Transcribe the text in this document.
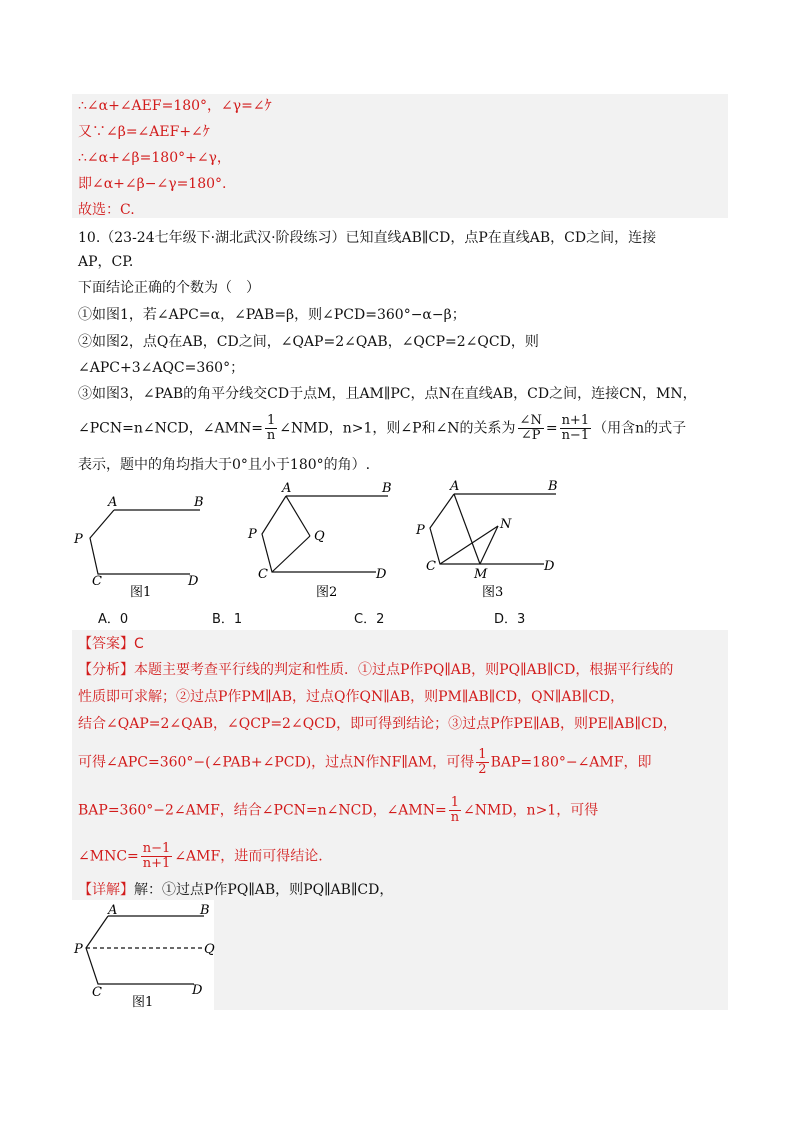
∴∠α+∠AEF=180°，∠γ=∠ｹ
又∵∠β=∠AEF+∠ｹ
∴∠α+∠β=180°+∠γ，
即∠α+∠β−∠γ=180°.
故选：C.
10.（23-24七年级下·湖北武汉·阶段练习）已知直线AB∥CD，点P在直线AB，CD之间，连接
AP，CP.
下面结论正确的个数为（　）
①如图1，若∠APC=α，∠PAB=β，则∠PCD=360°−α−β；
②如图2，点Q在AB，CD之间，∠QAP=2∠QAB，∠QCP=2∠QCD，则
∠APC+3∠AQC=360°；
③如图3，∠PAB的角平分线交CD于点M，且AM∥PC，点N在直线AB，CD之间，连接CN，MN，
∠PCN=n∠NCD，∠AMN= $\frac{1}{n}$ ∠NMD，n>1，则∠P和∠N的关系为 $\frac{\angle N}{\angle P} = \frac{n+1}{n-1}$ （用含n的式子
表示，题中的角均指大于0°且小于180°的角）.
A	B
P
C	D
图1
A	B
P	Q
C	D
图2
A	B
P	N
C
M
D
图3
A．0	B．1	C．2	D．3
【答案】C
【分析】本题主要考查平行线的判定和性质．①过点P作PQ∥AB，则PQ∥AB∥CD，根据平行线的
性质即可求解；②过点P作PM∥AB，过点Q作QN∥AB，则PM∥AB∥CD，QN∥AB∥CD，
结合∠QAP=2∠QAB，∠QCP=2∠QCD，即可得到结论；③过点P作PE∥AB，则PE∥AB∥CD，
可得∠APC=360°−(∠PAB+∠PCD)，过点N作NF∥AM，可得 $\frac{1}{2}$ BAP=180°−∠AMF，即
BAP=360°−2∠AMF，结合∠PCN=n∠NCD，∠AMN= $\frac{1}{n}$ ∠NMD，n>1，可得
∠MNC= $\frac{n-1}{n+1}$ ∠AMF，进而可得结论.
【详解】解：①过点P作PQ∥AB，则PQ∥AB∥CD，
A	B
P	Q
C	D
图1
